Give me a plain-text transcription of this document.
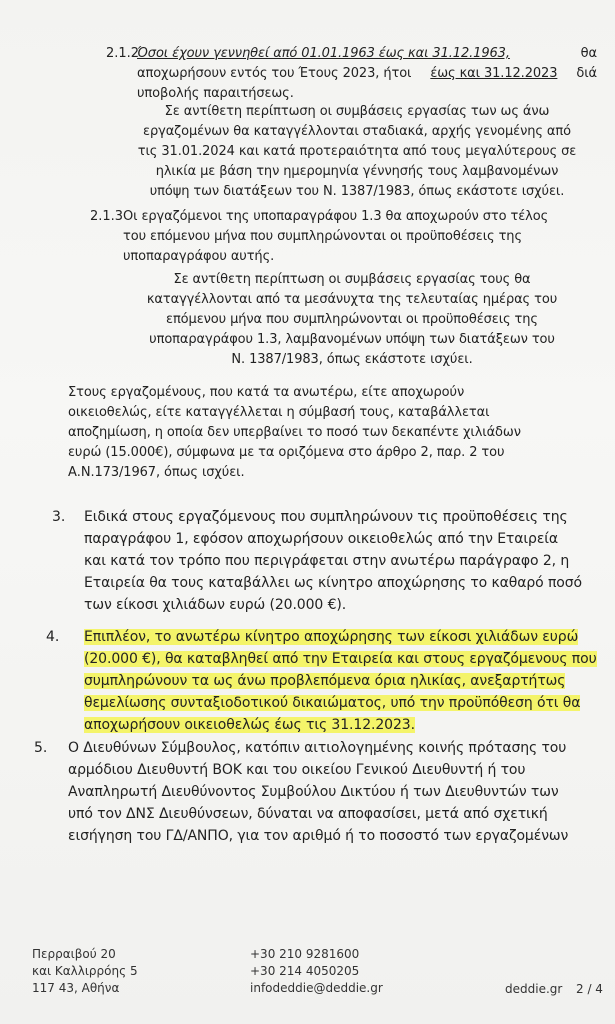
2.1.2
Όσοι έχουν γεννηθεί από 01.01.1963 έως και 31.12.1963,	θα
αποχωρήσουν εντός του Έτους 2023, ήτοι έως και 31.12.2023 διά
υποβολής παραιτήσεως.

Σε αντίθετη περίπτωση οι συμβάσεις εργασίας των ως άνω

εργαζομένων θα καταγγέλλονται σταδιακά, αρχής γενομένης από

τις 31.01.2024 και κατά προτεραιότητα από τους μεγαλύτερους σε

ηλικία με βάση την ημερομηνία γέννησής τους λαμβανομένων

υπόψη των διατάξεων του Ν. 1387/1983, όπως εκάστοτε ισχύει.

2.1.3 Οι εργαζόμενοι της υποπαραγράφου 1.3 θα αποχωρούν στο τέλος

του επόμενου μήνα που συμπληρώνονται οι προϋποθέσεις της

υποπαραγράφου αυτής.

Σε αντίθετη περίπτωση οι συμβάσεις εργασίας τους θα

καταγγέλλονται από τα μεσάνυχτα της τελευταίας ημέρας του

επόμενου μήνα που συμπληρώνονται οι προϋποθέσεις της

υποπαραγράφου 1.3, λαμβανομένων υπόψη των διατάξεων του

Ν. 1387/1983, όπως εκάστοτε ισχύει.

Στους εργαζομένους, που κατά τα ανωτέρω, είτε αποχωρούν

οικειοθελώς, είτε καταγγέλλεται η σύμβασή τους, καταβάλλεται

αποζημίωση, η οποία δεν υπερβαίνει το ποσό των δεκαπέντε χιλιάδων

ευρώ (15.000€), σύμφωνα με τα οριζόμενα στο άρθρο 2, παρ. 2 του

Α.Ν.173/1967, όπως ισχύει.

3. Ειδικά στους εργαζόμενους που συμπληρώνουν τις προϋποθέσεις της

παραγράφου 1, εφόσον αποχωρήσουν οικειοθελώς από την Εταιρεία

και κατά τον τρόπο που περιγράφεται στην ανωτέρω παράγραφο 2, η

Εταιρεία θα τους καταβάλλει ως κίνητρο αποχώρησης το καθαρό ποσό

των είκοσι χιλιάδων ευρώ (20.000 €).

4. Επιπλέον, το ανωτέρω κίνητρο αποχώρησης των είκοσι χιλιάδων ευρώ

(20.000 €), θα καταβληθεί από την Εταιρεία και στους εργαζόμενους που

συμπληρώνουν τα ως άνω προβλεπόμενα όρια ηλικίας, ανεξαρτήτως

θεμελίωσης συνταξιοδοτικού δικαιώματος, υπό την προϋπόθεση ότι θα

αποχωρήσουν οικειοθελώς έως τις 31.12.2023.

5. Ο Διευθύνων Σύμβουλος, κατόπιν αιτιολογημένης κοινής πρότασης του

αρμόδιου Διευθυντή ΒΟΚ και του οικείου Γενικού Διευθυντή ή του

Αναπληρωτή Διευθύνοντος Συμβούλου Δικτύου ή των Διευθυντών των

υπό τον ΔΝΣ Διευθύνσεων, δύναται να αποφασίσει, μετά από σχετική

εισήγηση του ΓΔ/ΑΝΠΟ, για τον αριθμό ή το ποσοστό των εργαζομένων

Περραιβού 20
και Καλλιρρόης 5
117 43, Αθήνα
+30 210 9281600
+30 214 4050205
infodeddie@deddie.gr	deddie.gr 2 / 4
